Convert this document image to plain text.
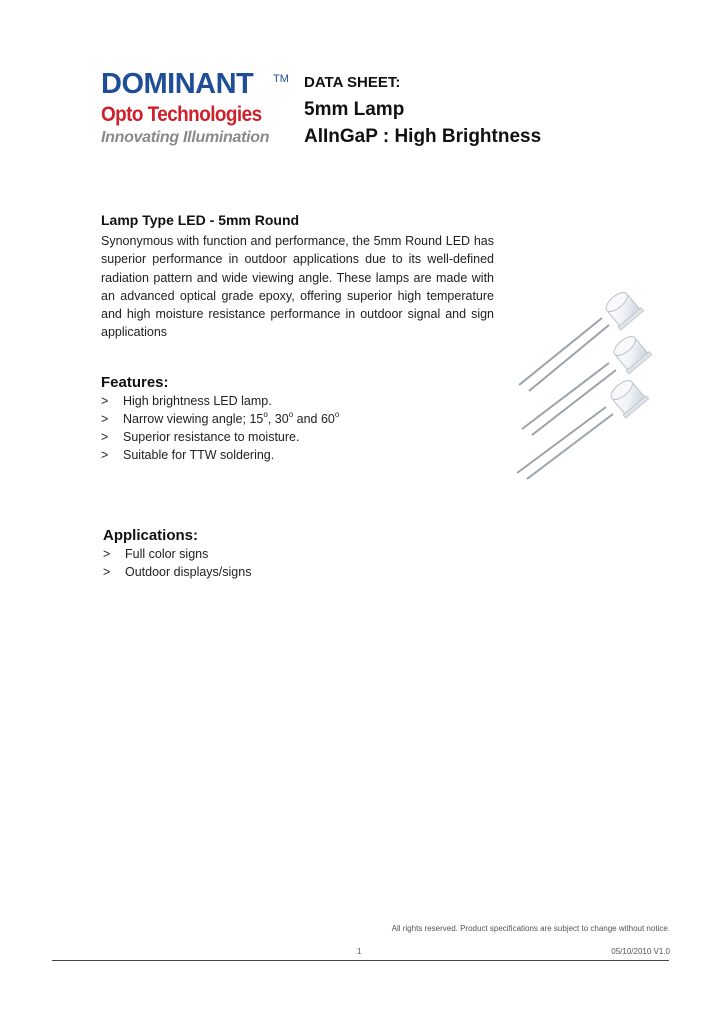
DOMINANT TM
Opto Technologies
Innovating Illumination
DATA SHEET:
5mm Lamp
AlInGaP : High Brightness
Lamp Type LED - 5mm Round
Synonymous with function and performance, the 5mm Round LED has superior performance in outdoor applications due to its well-defined radiation pattern and wide viewing angle. These lamps are made with an advanced optical grade epoxy, offering superior high temperature and high moisture resistance performance in outdoor signal and sign applications
Features:
> High brightness LED lamp.
> Narrow viewing angle; 15$^o$, 30$^o$ and $60^o$
> Superior resistance to moisture.
> Suitable for TTW soldering.
Applications:
> Full color signs
> Outdoor displays/signs
All rights reserved. Product specifications are subject to change without notice.
1	05/10/2010 V1.0
